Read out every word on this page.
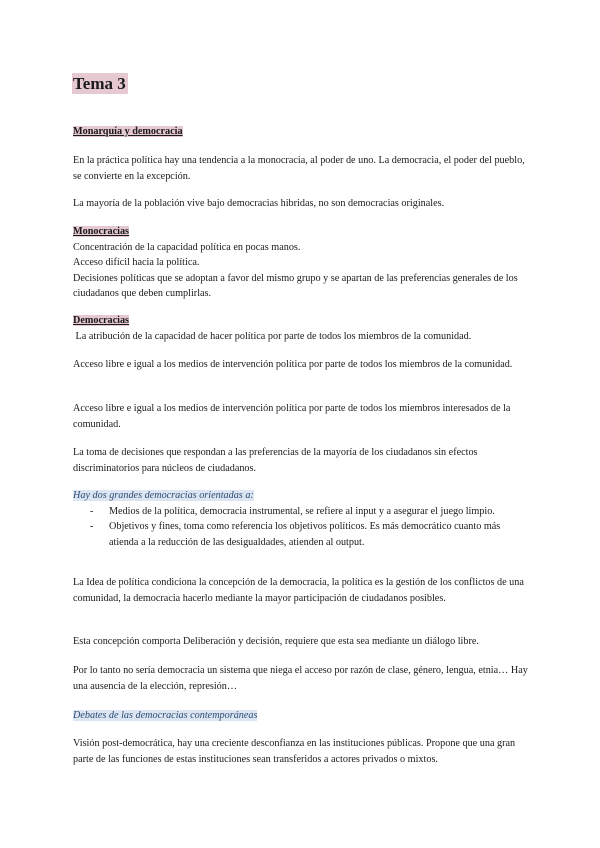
Tema 3
Monarquía y democracia
En la práctica política hay una tendencia a la monocracia, al poder de uno. La democracia, el poder del pueblo, se convierte en la excepción.
La mayoría de la población vive bajo democracias hibridas, no son democracias originales.
Monocracias
Concentración de la capacidad política en pocas manos.
Acceso difícil hacia la política.
Decisiones políticas que se adoptan a favor del mismo grupo y se apartan de las preferencias generales de los ciudadanos que deben cumplirlas.
Democracias
La atribución de la capacidad de hacer política por parte de todos los miembros de la comunidad.
Acceso libre e igual a los medios de intervención política por parte de todos los miembros de la comunidad.
Acceso libre e igual a los medios de intervención política por parte de todos los miembros interesados de la comunidad.
La toma de decisiones que respondan a las preferencias de la mayoría de los ciudadanos sin efectos discriminatorios para núcleos de ciudadanos.
Hay dos grandes democracias orientadas a:
- Medios de la política, democracia instrumental, se refiere al input y a asegurar el juego limpio.
- Objetivos y fines, toma como referencia los objetivos políticos. Es más democrático cuanto más atienda a la reducción de las desigualdades, atienden al output.
La Idea de política condiciona la concepción de la democracia, la política es la gestión de los conflictos de una comunidad, la democracia hacerlo mediante la mayor participación de ciudadanos posibles.
Esta concepción comporta Deliberación y decisión, requiere que esta sea mediante un diálogo libre.
Por lo tanto no sería democracia un sistema que niega el acceso por razón de clase, género, lengua, etnia… Hay una ausencia de la elección, represión…
Debates de las democracias contemporáneas
Visión post-democrática, hay una creciente desconfianza en las instituciones públicas. Propone que una gran parte de las funciones de estas instituciones sean transferidos a actores privados o mixtos.
